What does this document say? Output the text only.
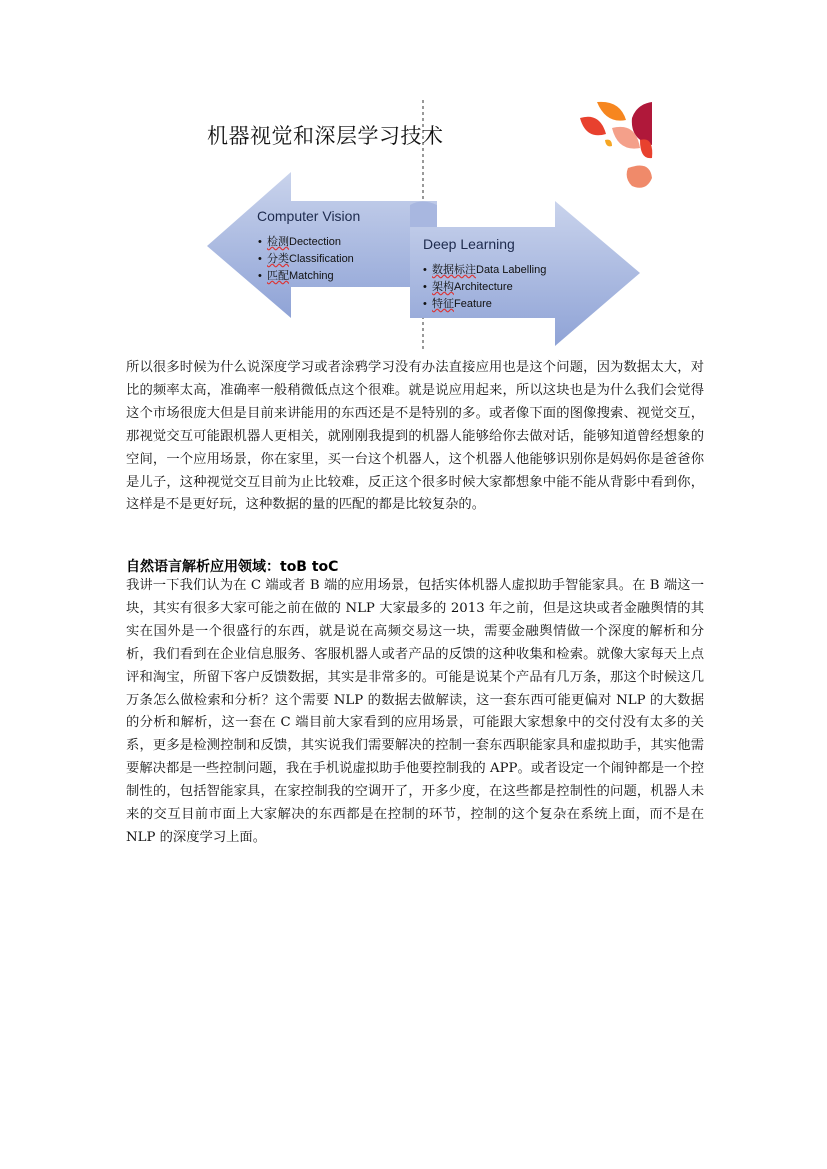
机器视觉和深层学习技术
Computer Vision
• 检测Dectection
• 分类Classification
• 匹配Matching
Deep Learning
• 数据标注Data Labelling
• 架构Architecture
• 特征Feature

所以很多时候为什么说深度学习或者涂鸦学习没有办法直接应用也是这个问题，因为数据太大，对比的频率太高，准确率一般稍微低点这个很难。就是说应用起来，所以这块也是为什么我们会觉得这个市场很庞大但是目前来讲能用的东西还是不是特别的多。或者像下面的图像搜索、视觉交互，那视觉交互可能跟机器人更相关，就刚刚我提到的机器人能够给你去做对话，能够知道曾经想象的空间，一个应用场景，你在家里，买一台这个机器人，这个机器人他能够识别你是妈妈你是爸爸你是儿子，这种视觉交互目前为止比较难，反正这个很多时候大家都想象中能不能从背影中看到你，这样是不是更好玩，这种数据的量的匹配的都是比较复杂的。

自然语言解析应用领域：toB toC

我讲一下我们认为在 C 端或者 B 端的应用场景，包括实体机器人虚拟助手智能家具。在 B 端这一块，其实有很多大家可能之前在做的 NLP 大家最多的 2013 年之前，但是这块或者金融舆情的其实在国外是一个很盛行的东西，就是说在高频交易这一块，需要金融舆情做一个深度的解析和分析，我们看到在企业信息服务、客服机器人或者产品的反馈的这种收集和检索。就像大家每天上点评和淘宝，所留下客户反馈数据，其实是非常多的。可能是说某个产品有几万条，那这个时候这几万条怎么做检索和分析？这个需要 NLP 的数据去做解读，这一套东西可能更偏对 NLP 的大数据的分析和解析，这一套在 C 端目前大家看到的应用场景，可能跟大家想象中的交付没有太多的关系，更多是检测控制和反馈，其实说我们需要解决的控制一套东西职能家具和虚拟助手，其实他需要解决都是一些控制问题，我在手机说虚拟助手他要控制我的 APP。或者设定一个闹钟都是一个控制性的，包括智能家具，在家控制我的空调开了，开多少度，在这些都是控制性的问题，机器人未来的交互目前市面上大家解决的东西都是在控制的环节，控制的这个复杂在系统上面，而不是在 NLP 的深度学习上面。
